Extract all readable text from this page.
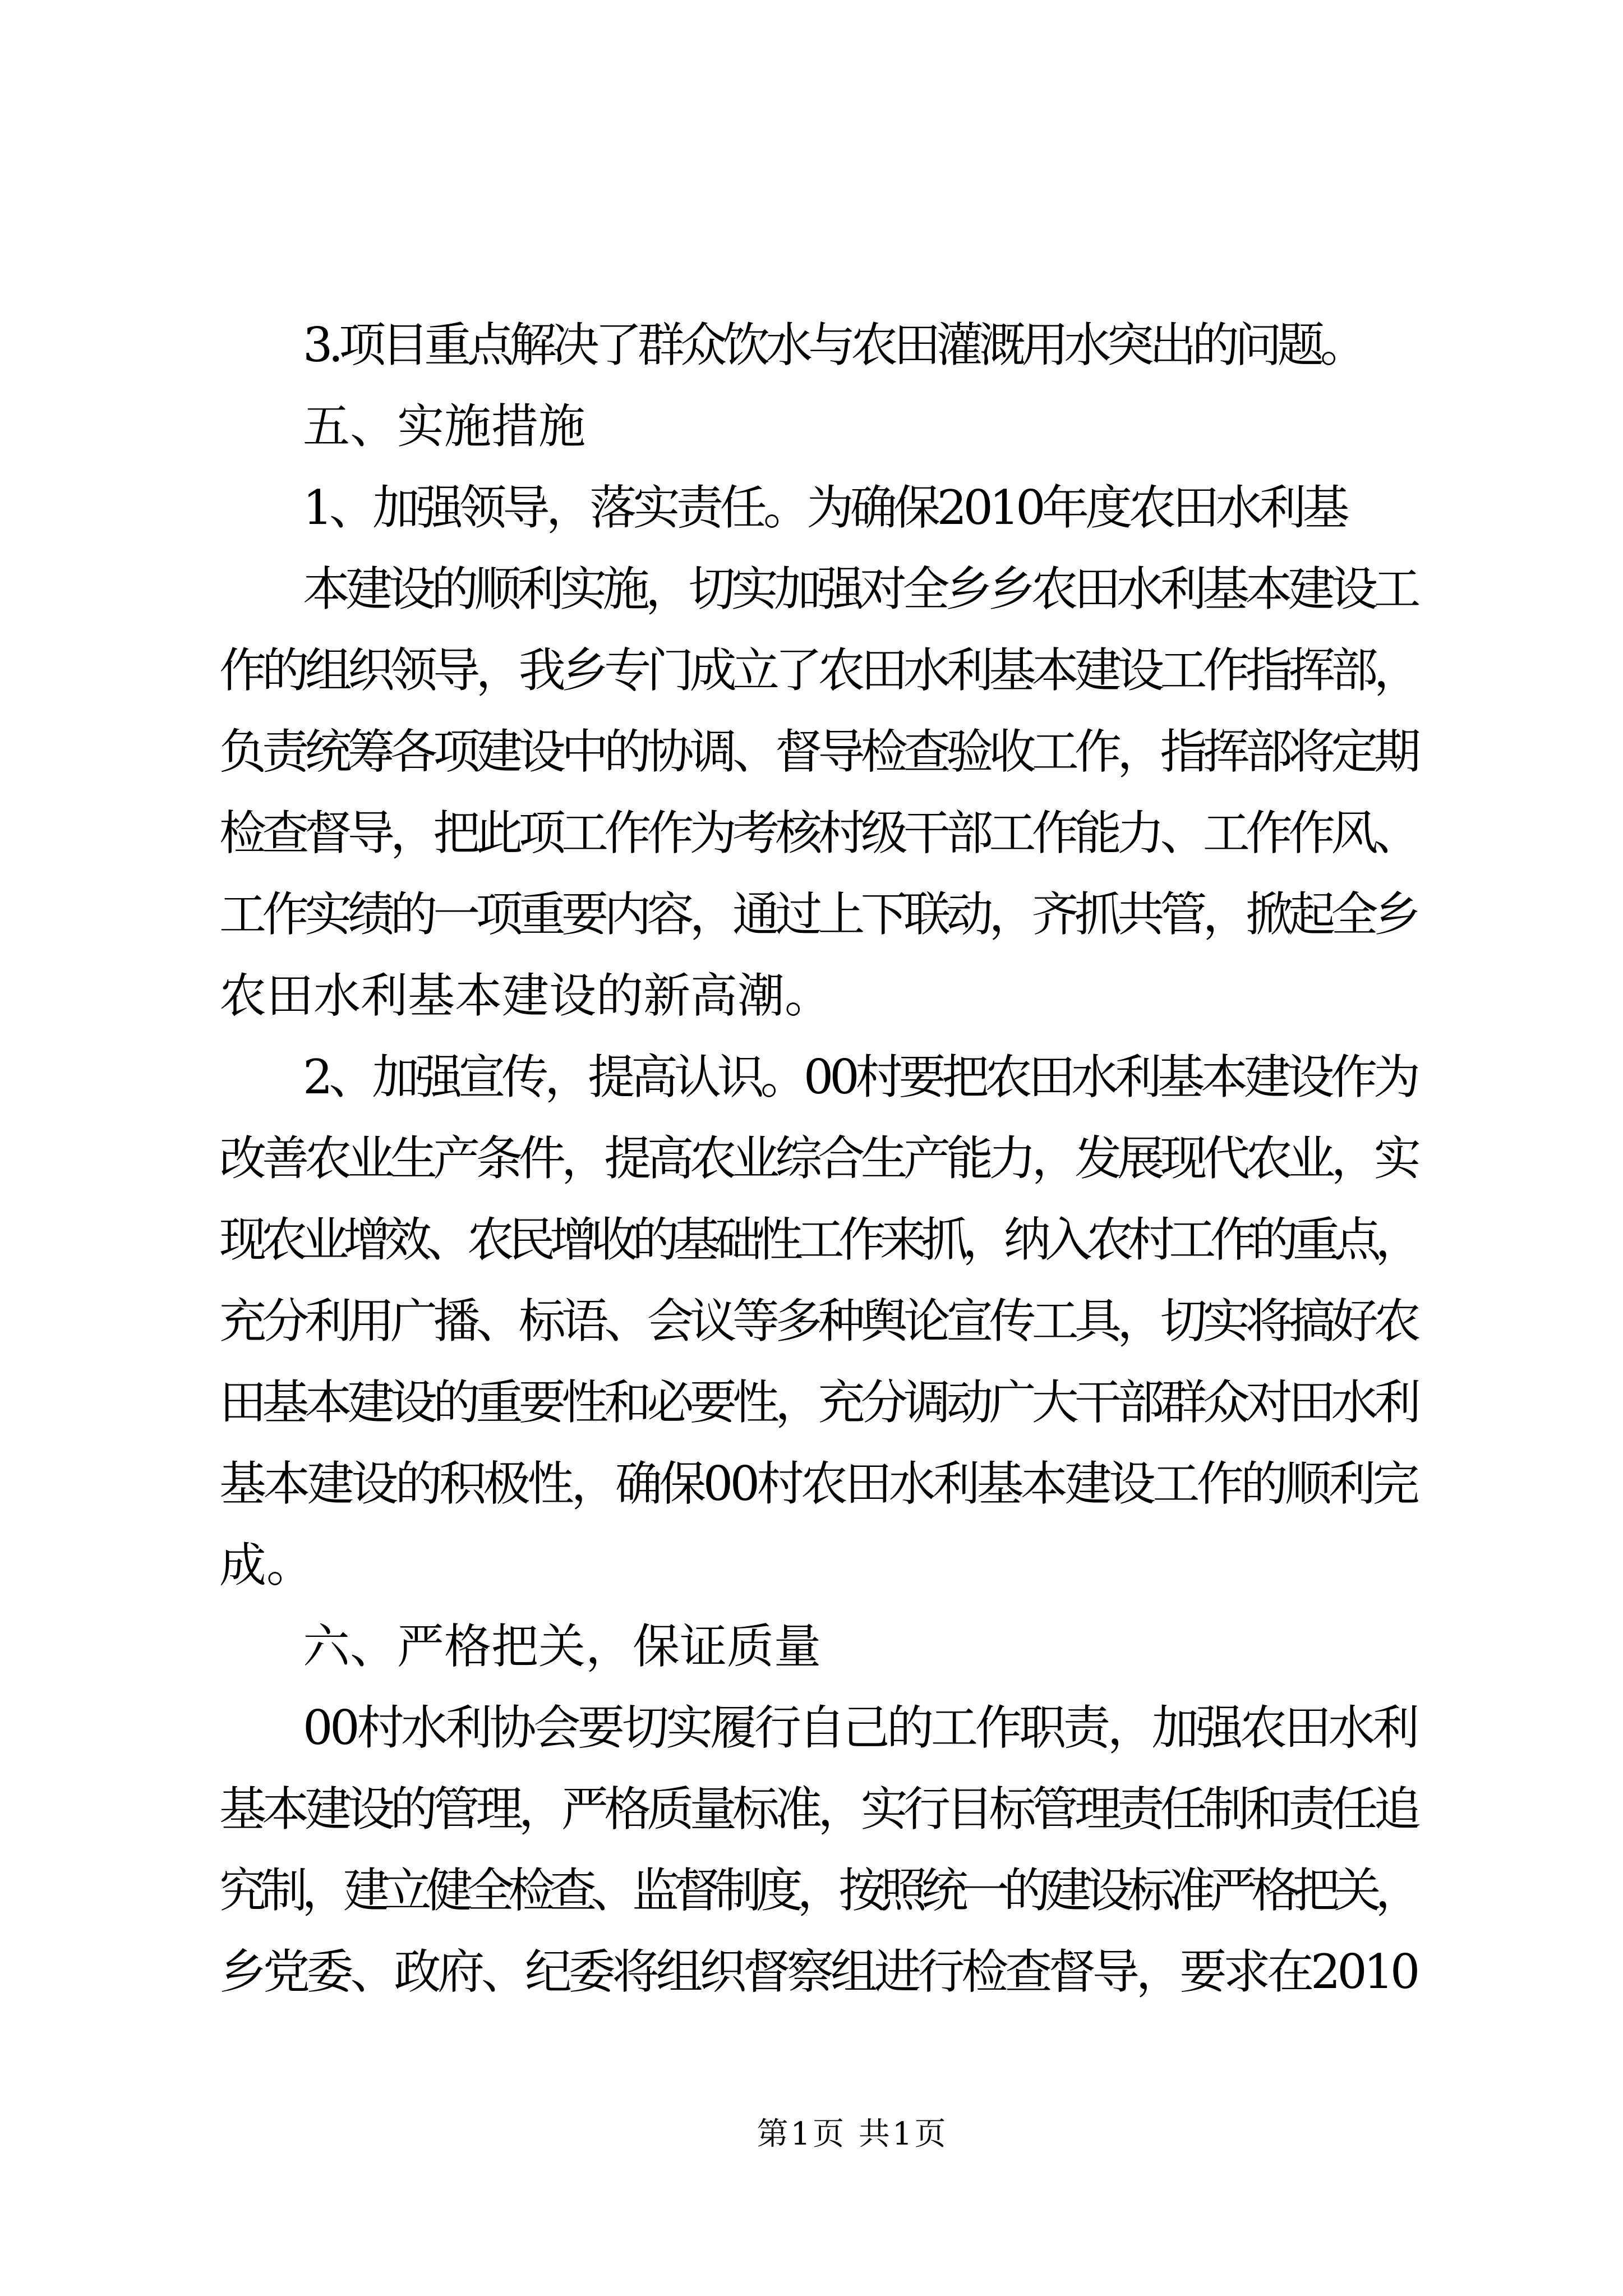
3.项目重点解决了群众饮水与农田灌溉用水突出的问题。
五、实施措施
1、加强领导，落实责任。为确保2010年度农田水利基
本建设的顺利实施，切实加强对全乡乡农田水利基本建设工
作的组织领导，我乡专门成立了农田水利基本建设工作指挥部，
负责统筹各项建设中的协调、督导检查验收工作，指挥部将定期
检查督导，把此项工作作为考核村级干部工作能力、工作作风、
工作实绩的一项重要内容，通过上下联动，齐抓共管，掀起全乡
农田水利基本建设的新高潮。
2、加强宣传，提高认识。00村要把农田水利基本建设作为
改善农业生产条件，提高农业综合生产能力，发展现代农业，实
现农业增效、农民增收的基础性工作来抓，纳入农村工作的重点，
充分利用广播、标语、会议等多种舆论宣传工具，切实将搞好农
田基本建设的重要性和必要性，充分调动广大干部群众对田水利
基本建设的积极性，确保00村农田水利基本建设工作的顺利完
成。
六、严格把关，保证质量
00村水利协会要切实履行自己的工作职责，加强农田水利
基本建设的管理，严格质量标准，实行目标管理责任制和责任追
究制，建立健全检查、监督制度，按照统一的建设标准严格把关，
乡党委、政府、纪委将组织督察组进行检查督导，要求在2010
第1页 共1页
